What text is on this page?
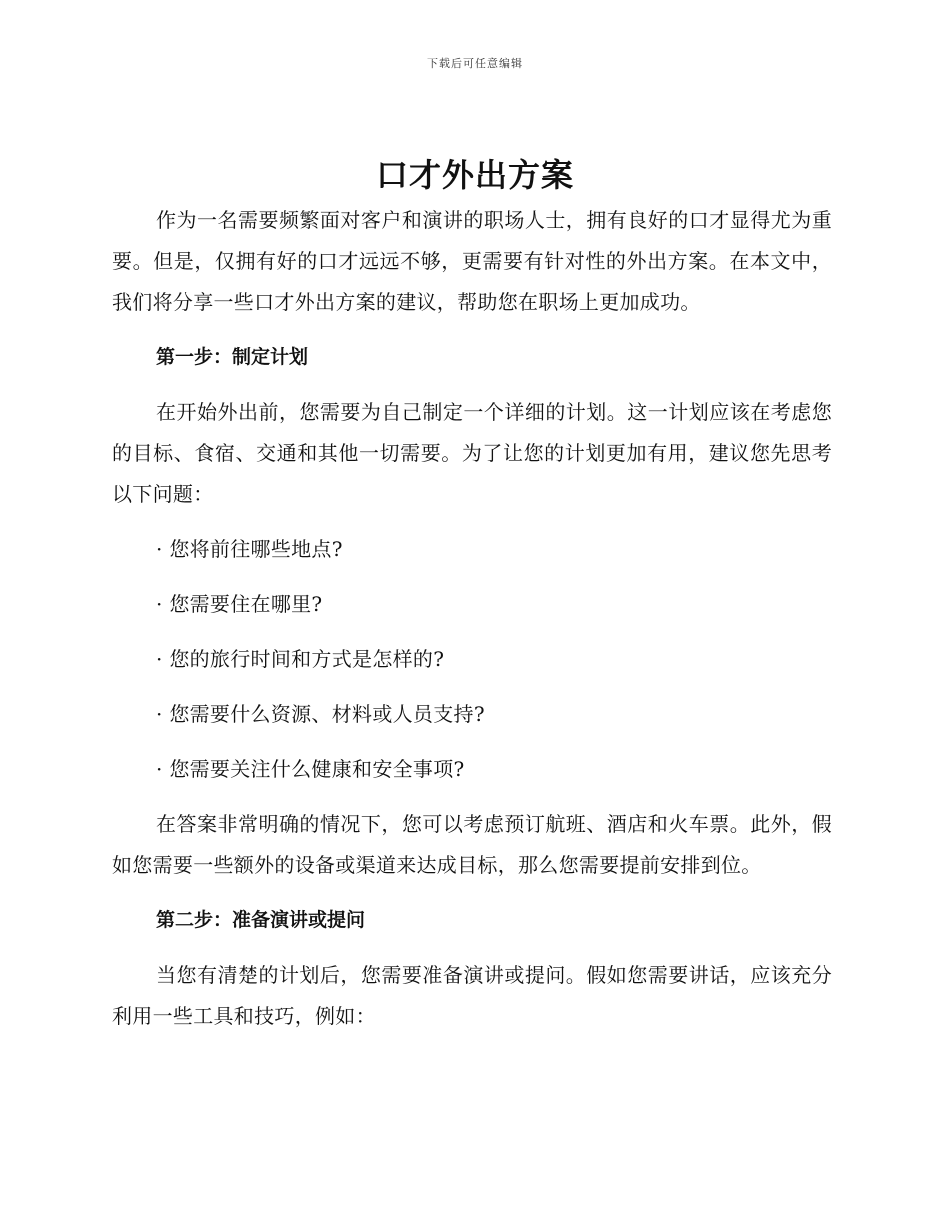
下载后可任意编辑
口才外出方案

作为一名需要频繁面对客户和演讲的职场人士，拥有良好的口才显得尤为重要。但是，仅拥有好的口才远远不够，更需要有针对性的外出方案。在本文中，我们将分享一些口才外出方案的建议，帮助您在职场上更加成功。

第一步：制定计划

在开始外出前，您需要为自己制定一个详细的计划。这一计划应该在考虑您的目标、食宿、交通和其他一切需要。为了让您的计划更加有用，建议您先思考以下问题：

· 您将前往哪些地点?
· 您需要住在哪里?
· 您的旅行时间和方式是怎样的?
· 您需要什么资源、材料或人员支持?
· 您需要关注什么健康和安全事项?

在答案非常明确的情况下，您可以考虑预订航班、酒店和火车票。此外，假如您需要一些额外的设备或渠道来达成目标，那么您需要提前安排到位。

第二步：准备演讲或提问

当您有清楚的计划后，您需要准备演讲或提问。假如您需要讲话，应该充分利用一些工具和技巧，例如：
